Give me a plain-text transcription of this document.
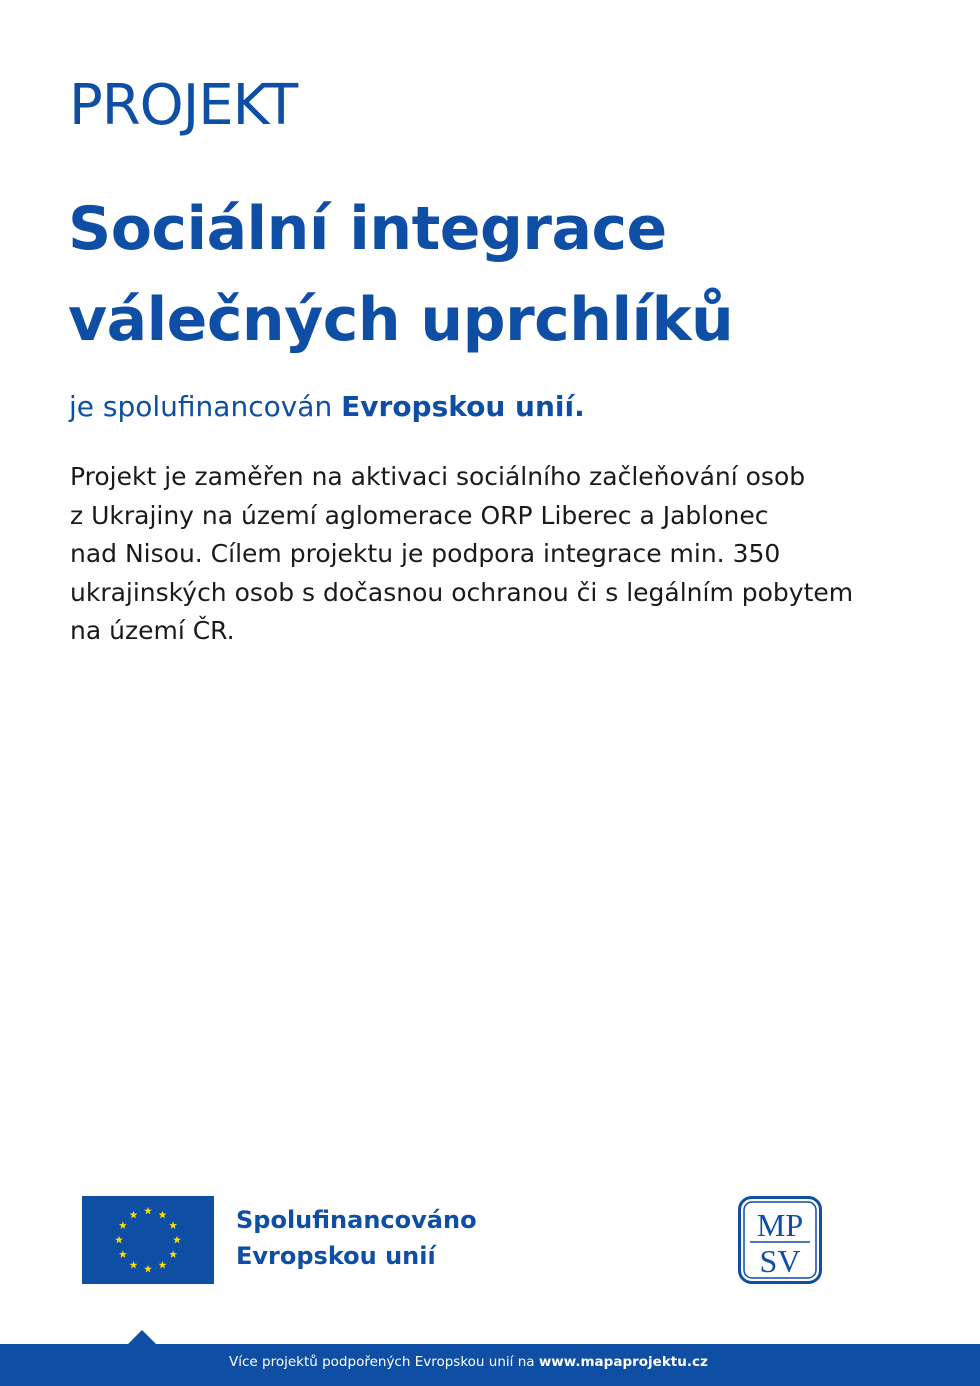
PROJEKT
Sociální integrace
válečných uprchlíků
je spolufinancován Evropskou unií.
Projekt je zaměřen na aktivaci sociálního začleňování osob
z Ukrajiny na území aglomerace ORP Liberec a Jablonec
nad Nisou. Cílem projektu je podpora integrace min. 350
ukrajinských osob s dočasnou ochranou či s legálním pobytem
na území ČR.
Spolufinancováno
Evropskou unií
MP
SV
Více projektů podpořených Evropskou unií na www.mapaprojektu.cz
